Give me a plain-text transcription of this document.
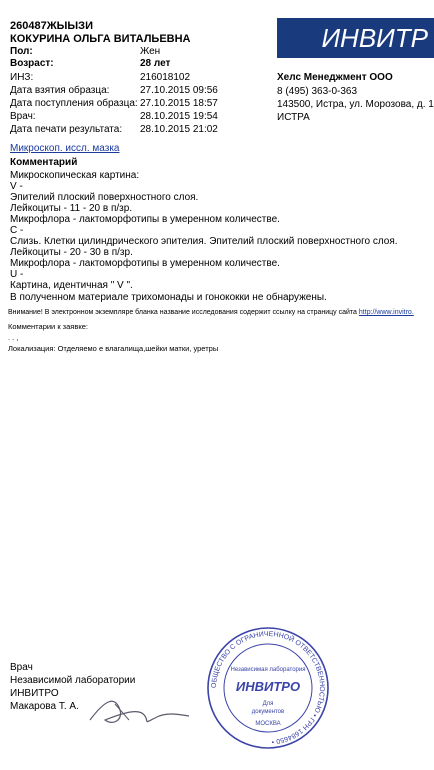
260487ЖЫЫЗИ
КОКУРИНА ОЛЬГА ВИТАЛЬЕВНА	ИНВИТР
Пол:	Жен
Возраст:	28 лет
ИНЗ:	216018102
Дата взятия образца:	27.10.2015 09:56
Дата поступления образца: 27.10.2015 18:57
Врач:	28.10.2015 19:54
Дата печати результата:	28.10.2015 21:02
Хелс Менеджмент ООО
8 (495) 363-0-363
143500, Истра, ул. Морозова, д. 1
ИСТРА
Микроскоп. иссл. мазка
Комментарий
Микроскопическая картина:
V -
Эпителий плоский поверхностного слоя.
Лейкоциты - 11 - 20 в п/зр.
Микрофлора - лактоморфотипы в умеренном количестве.
С -
Слизь. Клетки цилиндрического эпителия. Эпителий плоский поверхностного слоя.
Лейкоциты - 20 - 30 в п/зр.
Микрофлора - лактоморфотипы в умеренном количестве.
U -
Картина, идентичная " V ".
В полученном материале трихомонады и гонококки не обнаружены.
Внимание! В электронном экземпляре бланка название исследования содержит ссылку на страницу сайта http://www.invitro.
Комментарии к заявке:
. . ,
Локализация: Отделяемо е влагалища,шейки матки, уретры
Врач
Независимой лаборатории
ИНВИТРО
Макарова Т. А.
ОБЩЕСТВО С ОГРАНИЧЕННОЙ ОТВЕТСТВЕННОСТЬЮ • ГРН 1684650 •
Независимая лаборатория
ИНВИТРО
Для
документов
МОСКВА
